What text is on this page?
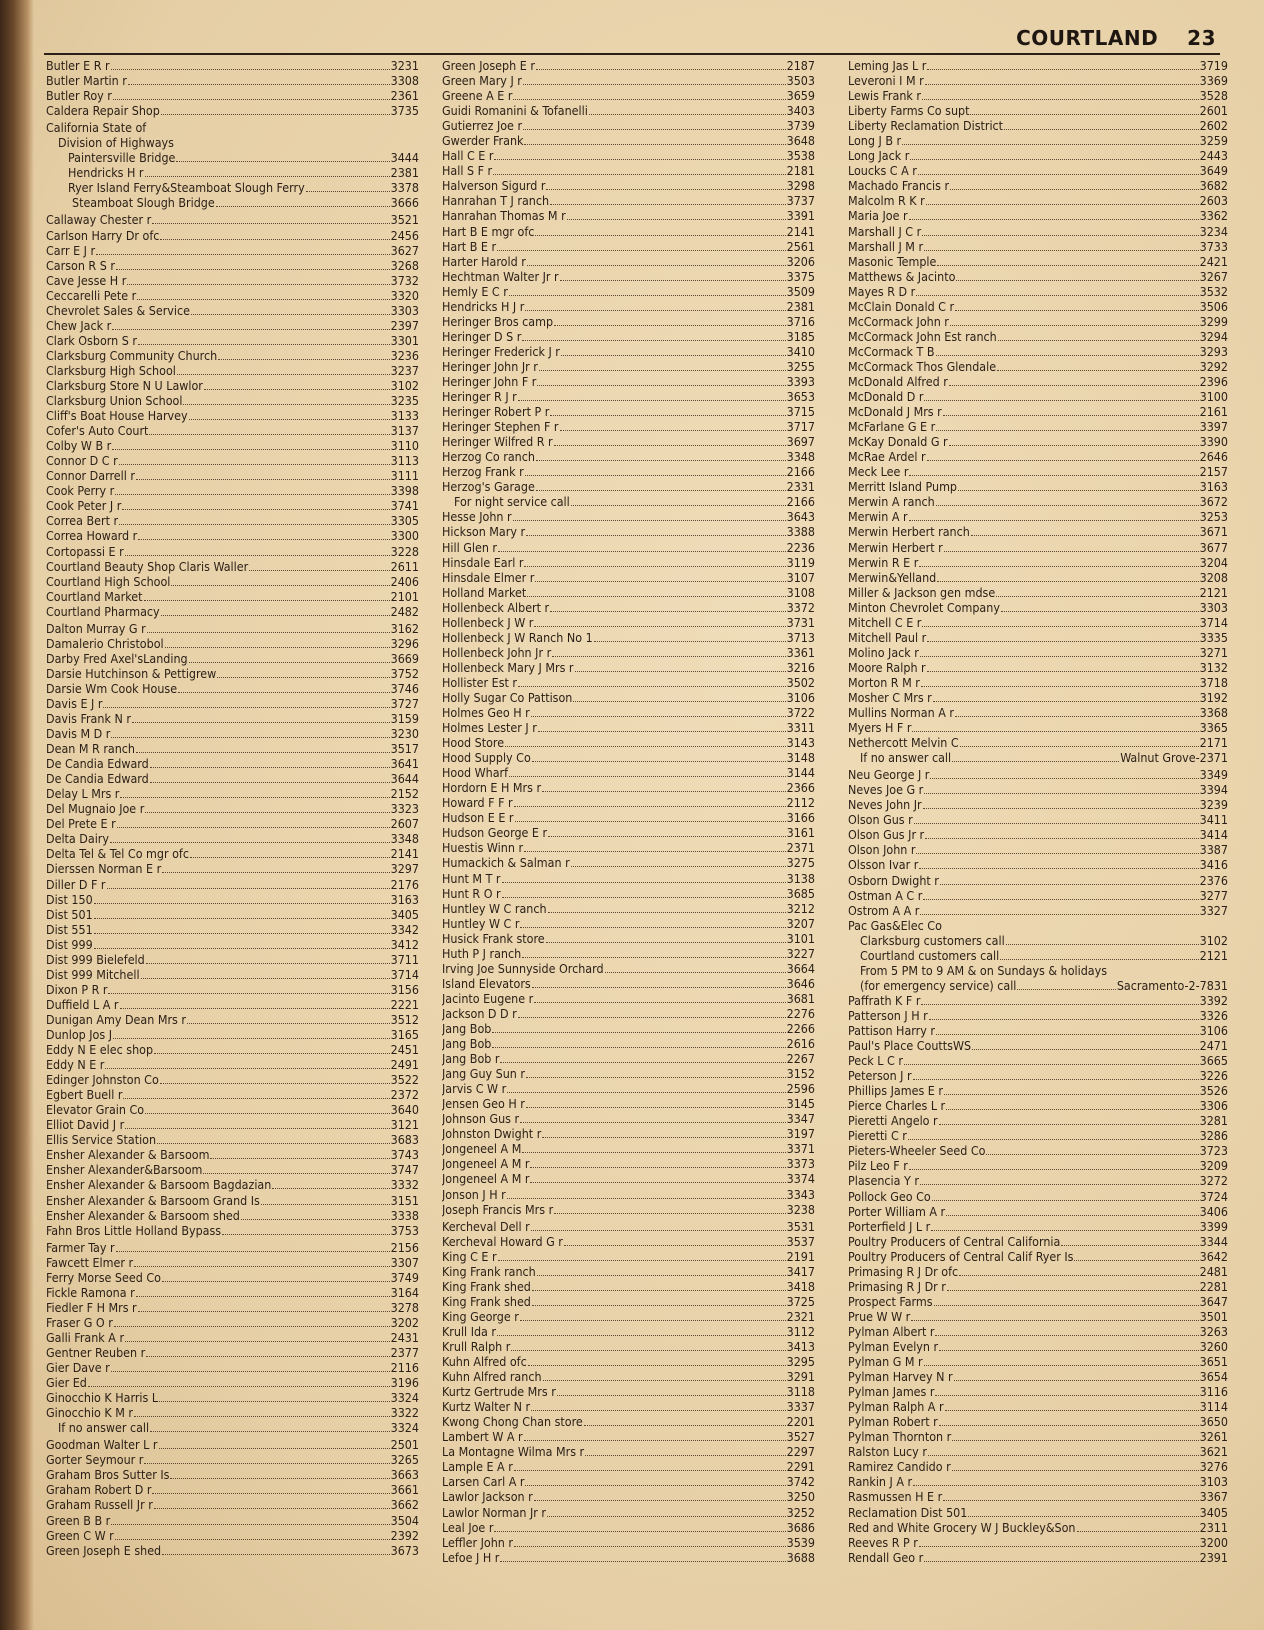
COURTLAND 23
Butler E R r	3231
Butler Martin r	3308
Butler Roy r	2361
Caldera Repair Shop	3735
California State of
Division of Highways
Paintersville Bridge	3444
Hendricks H r	2381
Ryer Island Ferry&Steamboat Slough Ferry	3378
Steamboat Slough Bridge	3666
Callaway Chester r	3521
Carlson Harry Dr ofc	2456
Carr E J r	3627
Carson R S r	3268
Cave Jesse H r	3732
Ceccarelli Pete r	3320
Chevrolet Sales & Service	3303
Chew Jack r	2397
Clark Osborn S r	3301
Clarksburg Community Church	3236
Clarksburg High School	3237
Clarksburg Store N U Lawlor	3102
Clarksburg Union School	3235
Cliff's Boat House Harvey	3133
Cofer's Auto Court	3137
Colby W B r	3110
Connor D C r	3113
Connor Darrell r	3111
Cook Perry r	3398
Cook Peter J r	3741
Correa Bert r	3305
Correa Howard r	3300
Cortopassi E r	3228
Courtland Beauty Shop Claris Waller	2611
Courtland High School	2406
Courtland Market	2101
Courtland Pharmacy	2482
Dalton Murray G r	3162
Damalerio Christobol	3296
Darby Fred Axel'sLanding	3669
Darsie Hutchinson & Pettigrew	3752
Darsie Wm Cook House	3746
Davis E J r	3727
Davis Frank N r	3159
Davis M D r	3230
Dean M R ranch	3517
De Candia Edward	3641
De Candia Edward	3644
Delay L Mrs r	2152
Del Mugnaio Joe r	3323
Del Prete E r	2607
Delta Dairy	3348
Delta Tel & Tel Co mgr ofc	2141
Dierssen Norman E r	3297
Diller D F r	2176
Dist 150	3163
Dist 501	3405
Dist 551	3342
Dist 999	3412
Dist 999 Bielefeld	3711
Dist 999 Mitchell	3714
Dixon P R r	3156
Duffield L A r	2221
Dunigan Amy Dean Mrs r	3512
Dunlop Jos J	3165
Eddy N E elec shop	2451
Eddy N E r	2491
Edinger Johnston Co	3522
Egbert Buell r	2372
Elevator Grain Co	3640
Elliot David J r	3121
Ellis Service Station	3683
Ensher Alexander & Barsoom	3743
Ensher Alexander&Barsoom	3747
Ensher Alexander & Barsoom Bagdazian	3332
Ensher Alexander & Barsoom Grand Is	3151
Ensher Alexander & Barsoom shed	3338
Fahn Bros Little Holland Bypass	3753
Farmer Tay r	2156
Fawcett Elmer r	3307
Ferry Morse Seed Co	3749
Fickle Ramona r	3164
Fiedler F H Mrs r	3278
Fraser G O r	3202
Galli Frank A r	2431
Gentner Reuben r	2377
Gier Dave r	2116
Gier Ed	3196
Ginocchio K Harris L	3324
Ginocchio K M r	3322
If no answer call	3324
Goodman Walter L r	2501
Gorter Seymour r	3265
Graham Bros Sutter Is	3663
Graham Robert D r	3661
Graham Russell Jr r	3662
Green B B r	3504
Green C W r	2392
Green Joseph E shed	3673
Green Joseph E r	2187
Green Mary J r	3503
Greene A E r	3659
Guidi Romanini & Tofanelli	3403
Gutierrez Joe r	3739
Gwerder Frank	3648
Hall C E r	3538
Hall S F r	2181
Halverson Sigurd r	3298
Hanrahan T J ranch	3737
Hanrahan Thomas M r	3391
Hart B E mgr ofc	2141
Hart B E r	2561
Harter Harold r	3206
Hechtman Walter Jr r	3375
Hemly E C r	3509
Hendricks H J r	2381
Heringer Bros camp	3716
Heringer D S r	3185
Heringer Frederick J r	3410
Heringer John Jr r	3255
Heringer John F r	3393
Heringer R J r	3653
Heringer Robert P r	3715
Heringer Stephen F r	3717
Heringer Wilfred R r	3697
Herzog Co ranch	3348
Herzog Frank r	2166
Herzog's Garage	2331
For night service call	2166
Hesse John r	3643
Hickson Mary r	3388
Hill Glen r	2236
Hinsdale Earl r	3119
Hinsdale Elmer r	3107
Holland Market	3108
Hollenbeck Albert r	3372
Hollenbeck J W r	3731
Hollenbeck J W Ranch No 1	3713
Hollenbeck John Jr r	3361
Hollenbeck Mary J Mrs r	3216
Hollister Est r	3502
Holly Sugar Co Pattison	3106
Holmes Geo H r	3722
Holmes Lester J r	3311
Hood Store	3143
Hood Supply Co	3148
Hood Wharf	3144
Hordorn E H Mrs r	2366
Howard F F r	2112
Hudson E E r	3166
Hudson George E r	3161
Huestis Winn r	2371
Humackich & Salman r	3275
Hunt M T r	3138
Hunt R O r	3685
Huntley W C ranch	3212
Huntley W C r	3207
Husick Frank store	3101
Huth P J ranch	3227
Irving Joe Sunnyside Orchard	3664
Island Elevators	3646
Jacinto Eugene r	3681
Jackson D D r	2276
Jang Bob	2266
Jang Bob	2616
Jang Bob r	2267
Jang Guy Sun r	3152
Jarvis C W r	2596
Jensen Geo H r	3145
Johnson Gus r	3347
Johnston Dwight r	3197
Jongeneel A M	3371
Jongeneel A M r	3373
Jongeneel A M r	3374
Jonson J H r	3343
Joseph Francis Mrs r	3238
Kercheval Dell r	3531
Kercheval Howard G r	3537
King C E r	2191
King Frank ranch	3417
King Frank shed	3418
King Frank shed	3725
King George r	2321
Krull Ida r	3112
Krull Ralph r	3413
Kuhn Alfred ofc	3295
Kuhn Alfred ranch	3291
Kurtz Gertrude Mrs r	3118
Kurtz Walter N r	3337
Kwong Chong Chan store	2201
Lambert W A r	3527
La Montagne Wilma Mrs r	2297
Lample E A r	2291
Larsen Carl A r	3742
Lawlor Jackson r	3250
Lawlor Norman Jr r	3252
Leal Joe r	3686
Leffler John r	3539
Lefoe J H r	3688
Leming Jas L r	3719
Leveroni I M r	3369
Lewis Frank r	3528
Liberty Farms Co supt	2601
Liberty Reclamation District	2602
Long J B r	3259
Long Jack r	2443
Loucks C A r	3649
Machado Francis r	3682
Malcolm R K r	2603
Maria Joe r	3362
Marshall J C r	3234
Marshall J M r	3733
Masonic Temple	2421
Matthews & Jacinto	3267
Mayes R D r	3532
McClain Donald C r	3506
McCormack John r	3299
McCormack John Est ranch	3294
McCormack T B	3293
McCormack Thos Glendale	3292
McDonald Alfred r	2396
McDonald D r	3100
McDonald J Mrs r	2161
McFarlane G E r	3397
McKay Donald G r	3390
McRae Ardel r	2646
Meck Lee r	2157
Merritt Island Pump	3163
Merwin A ranch	3672
Merwin A r	3253
Merwin Herbert ranch	3671
Merwin Herbert r	3677
Merwin R E r	3204
Merwin&Yelland	3208
Miller & Jackson gen mdse	2121
Minton Chevrolet Company	3303
Mitchell C E r	3714
Mitchell Paul r	3335
Molino Jack r	3271
Moore Ralph r	3132
Morton R M r	3718
Mosher C Mrs r	3192
Mullins Norman A r	3368
Myers H F r	3365
Nethercott Melvin C	2171
If no answer call	Walnut Grove-2371
Neu George J r	3349
Neves Joe G r	3394
Neves John Jr	3239
Olson Gus r	3411
Olson Gus Jr r	3414
Olson John r	3387
Olsson Ivar r	3416
Osborn Dwight r	2376
Ostman A C r	3277
Ostrom A A r	3327
Pac Gas&Elec Co
Clarksburg customers call	3102
Courtland customers call	2121
From 5 PM to 9 AM & on Sundays & holidays
(for emergency service) call	Sacramento-2-7831
Paffrath K F r	3392
Patterson J H r	3326
Pattison Harry r	3106
Paul's Place CouttsWS	2471
Peck L C r	3665
Peterson J r	3226
Phillips James E r	3526
Pierce Charles L r	3306
Pieretti Angelo r	3281
Pieretti C r	3286
Pieters-Wheeler Seed Co	3723
Pilz Leo F r	3209
Plasencia Y r	3272
Pollock Geo Co	3724
Porter William A r	3406
Porterfield J L r	3399
Poultry Producers of Central California	3344
Poultry Producers of Central Calif Ryer Is	3642
Primasing R J Dr ofc	2481
Primasing R J Dr r	2281
Prospect Farms	3647
Prue W W r	3501
Pylman Albert r	3263
Pylman Evelyn r	3260
Pylman G M r	3651
Pylman Harvey N r	3654
Pylman James r	3116
Pylman Ralph A r	3114
Pylman Robert r	3650
Pylman Thornton r	3261
Ralston Lucy r	3621
Ramirez Candido r	3276
Rankin J A r	3103
Rasmussen H E r	3367
Reclamation Dist 501	3405
Red and White Grocery W J Buckley&Son	2311
Reeves R P r	3200
Rendall Geo r	2391
